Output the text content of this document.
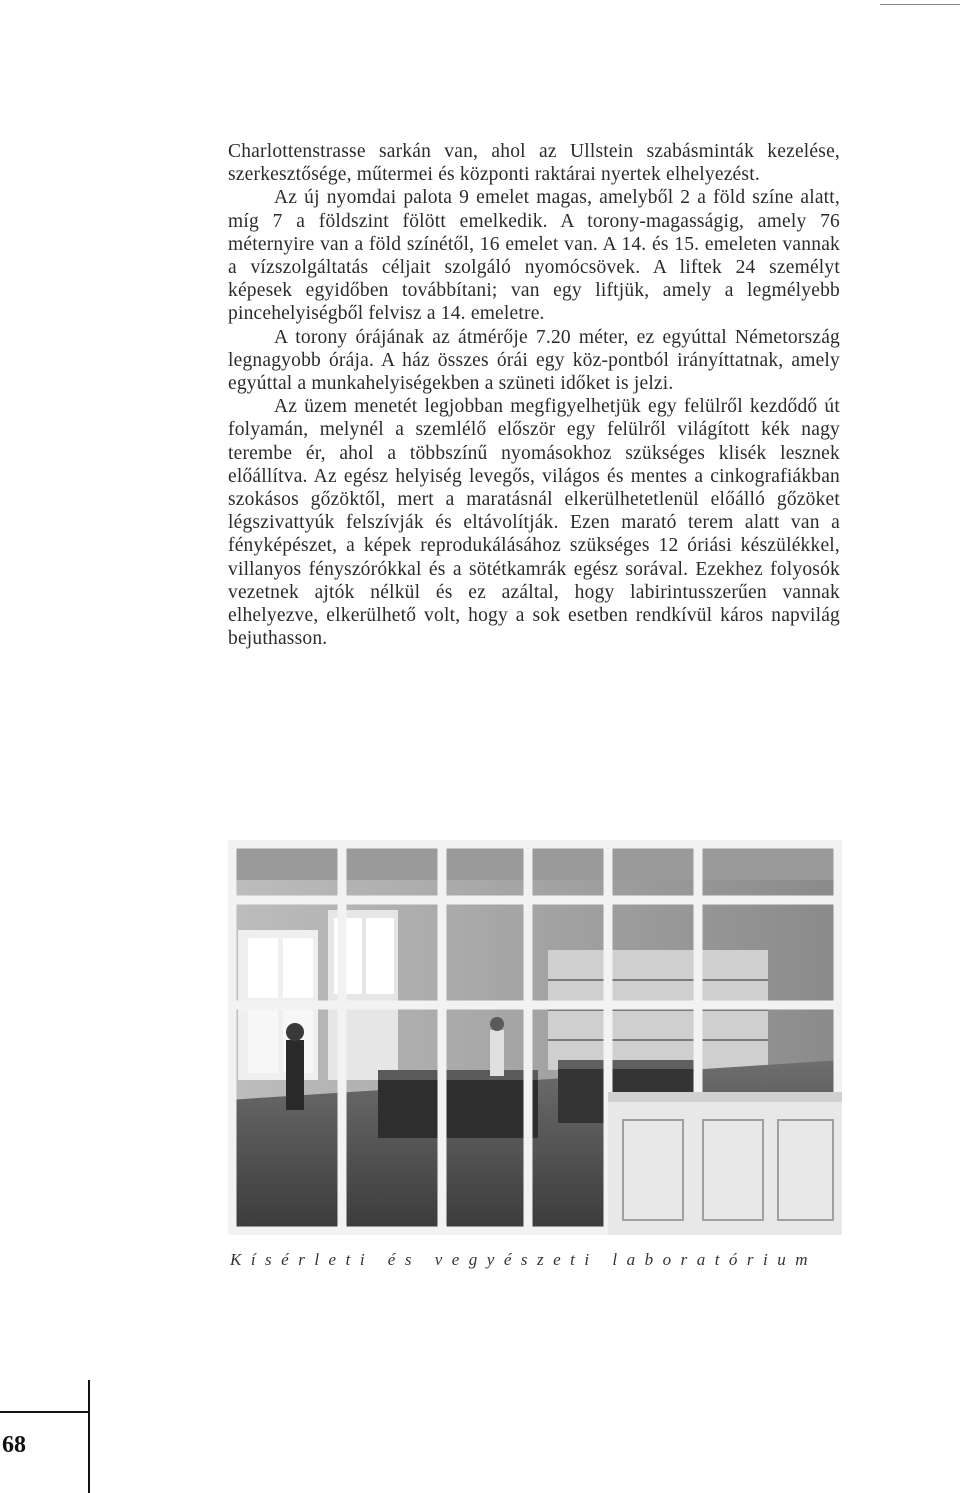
Charlottenstrasse sarkán van, ahol az Ullstein szabásminták kezelése, szerkesztősége, műtermei és központi raktárai nyertek elhelyezést.

Az új nyomdai palota 9 emelet magas, amelyből 2 a föld színe alatt, míg 7 a földszint fölött emelkedik. A torony-magasságig, amely 76 méternyire van a föld színétől, 16 emelet van. A 14. és 15. emeleten vannak a vízszolgáltatás céljait szolgáló nyomócsövek. A liftek 24 személyt képesek egyidőben továbbítani; van egy liftjük, amely a legmélyebb pincehelyiségből felvisz a 14. emeletre.

A torony órájának az átmérője 7.20 méter, ez egyúttal Németország legnagyobb órája. A ház összes órái egy köz-pontból irányíttatnak, amely egyúttal a munkahelyiségekben a szüneti időket is jelzi.

Az üzem menetét legjobban megfigyelhetjük egy felülről kezdődő út folyamán, melynél a szemlélő először egy felülről világított kék nagy terembe ér, ahol a többszínű nyomásokhoz szükséges klisék lesznek előállítva. Az egész helyiség levegős, világos és mentes a cinkografiákban szokásos gőzöktől, mert a maratásnál elkerülhetetlenül előálló gőzöket légszivattyúk felszívják és eltávolítják. Ezen marató terem alatt van a fényképészet, a képek reprodukálásához szükséges 12 óriási készülékkel, villanyos fényszórókkal és a sötétkamrák egész sorával. Ezekhez folyosók vezetnek ajtók nélkül és ez azáltal, hogy labirintusszerűen vannak elhelyezve, elkerülhető volt, hogy a sok esetben rendkívül káros napvilág bejuthasson.

Kísérleti és vegyészeti laboratórium
68
